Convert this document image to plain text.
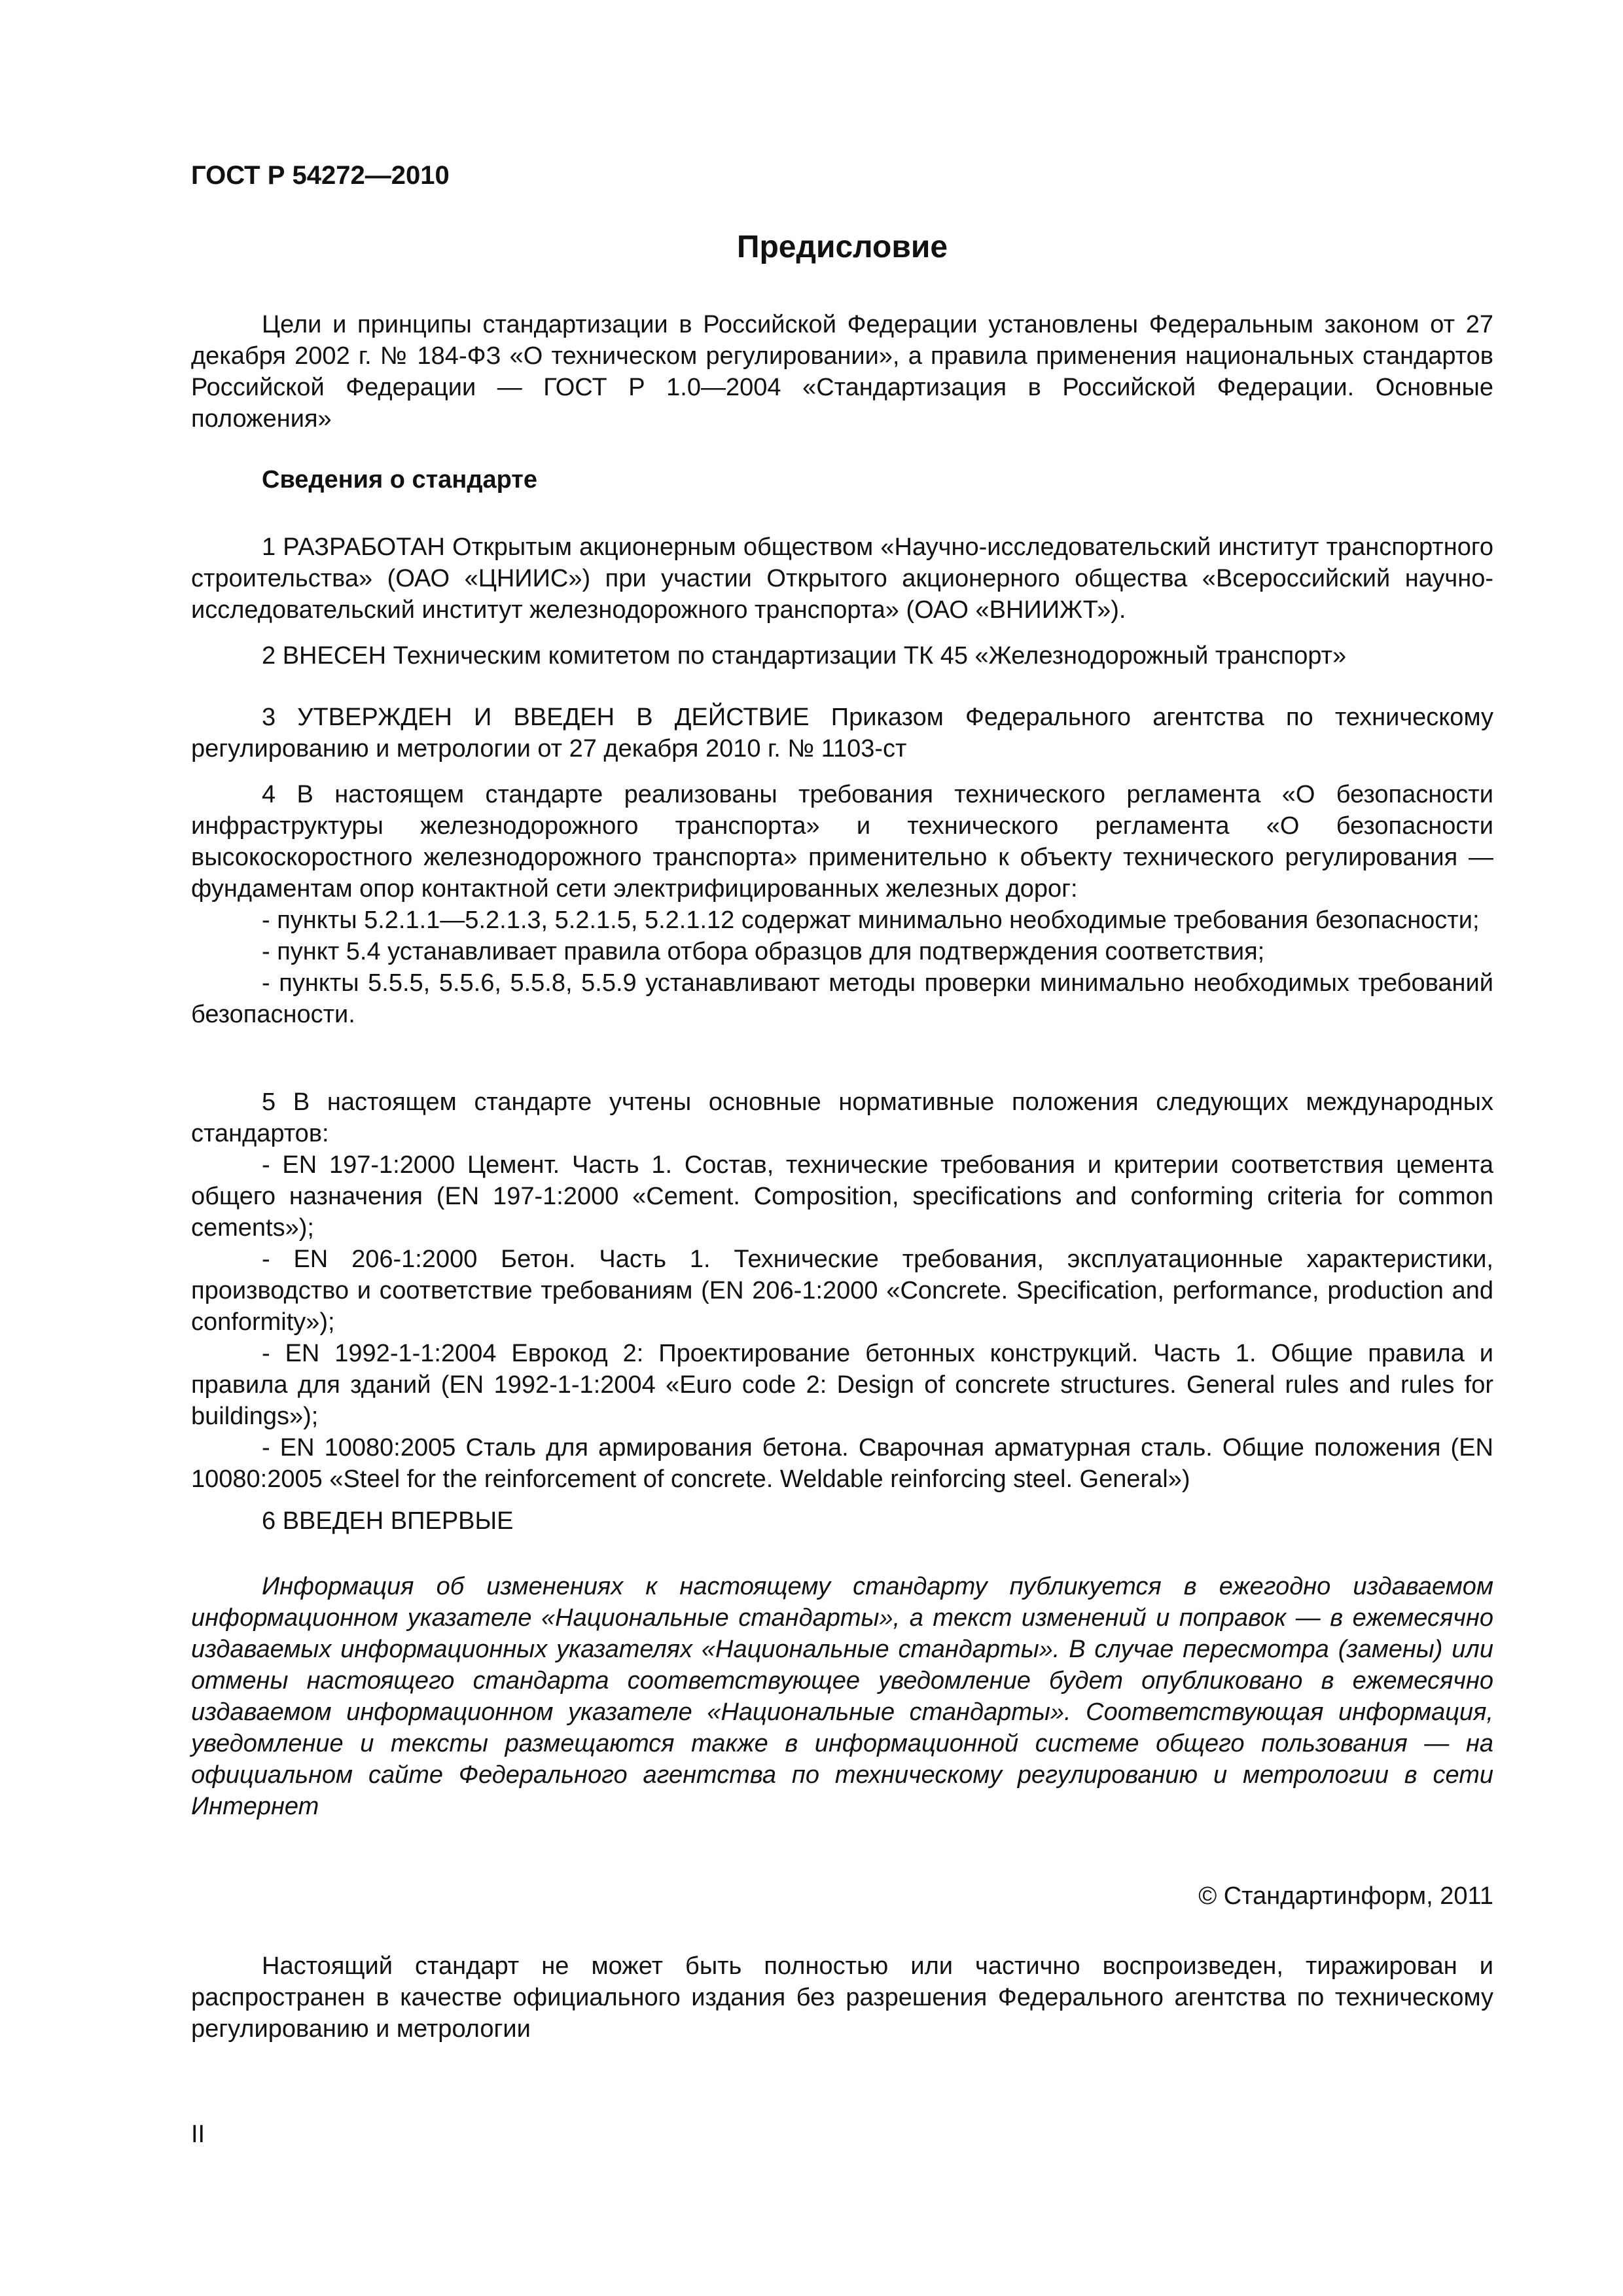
ГОСТ Р 54272—2010

Предисловие

Цели и принципы стандартизации в Российской Федерации установлены Федеральным законом от 27 декабря 2002 г. № 184-ФЗ «О техническом регулировании», а правила применения национальных стандартов Российской Федерации — ГОСТ Р 1.0—2004 «Стандартизация в Российской Федерации. Основные положения»

Сведения о стандарте

1 РАЗРАБОТАН Открытым акционерным обществом «Научно-исследовательский институт транспортного строительства» (ОАО «ЦНИИС») при участии Открытого акционерного общества «Всероссийский научно-исследовательский институт железнодорожного транспорта» (ОАО «ВНИИЖТ»).

2 ВНЕСЕН Техническим комитетом по стандартизации ТК 45 «Железнодорожный транспорт»

3 УТВЕРЖДЕН И ВВЕДЕН В ДЕЙСТВИЕ Приказом Федерального агентства по техническому регулированию и метрологии от 27 декабря 2010 г. № 1103-ст

4 В настоящем стандарте реализованы требования технического регламента «О безопасности инфраструктуры железнодорожного транспорта» и технического регламента «О безопасности высокоскоростного железнодорожного транспорта» применительно к объекту технического регулирования — фундаментам опор контактной сети электрифицированных железных дорог:

- пункты 5.2.1.1—5.2.1.3, 5.2.1.5, 5.2.1.12 содержат минимально необходимые требования безопасности;

- пункт 5.4 устанавливает правила отбора образцов для подтверждения соответствия;

- пункты 5.5.5, 5.5.6, 5.5.8, 5.5.9 устанавливают методы проверки минимально необходимых требований безопасности.

5 В настоящем стандарте учтены основные нормативные положения следующих международных стандартов:

- EN 197-1:2000 Цемент. Часть 1. Состав, технические требования и критерии соответствия цемента общего назначения (EN 197-1:2000 «Cement. Composition, specifications and conforming criteria for common cements»);

- EN 206-1:2000 Бетон. Часть 1. Технические требования, эксплуатационные характеристики, производство и соответствие требованиям (EN 206-1:2000 «Concrete. Specification, performance, production and conformity»);

- EN 1992-1-1:2004 Еврокод 2: Проектирование бетонных конструкций. Часть 1. Общие правила и правила для зданий (EN 1992-1-1:2004 «Euro code 2: Design of concrete structures. General rules and rules for buildings»);

- EN 10080:2005 Сталь для армирования бетона. Сварочная арматурная сталь. Общие положения (EN 10080:2005 «Steel for the reinforcement of concrete. Weldable reinforcing steel. General»)

6 ВВЕДЕН ВПЕРВЫЕ

Информация об изменениях к настоящему стандарту публикуется в ежегодно издаваемом информационном указателе «Национальные стандарты», а текст изменений и поправок — в ежемесячно издаваемых информационных указателях «Национальные стандарты». В случае пересмотра (замены) или отмены настоящего стандарта соответствующее уведомление будет опубликовано в ежемесячно издаваемом информационном указателе «Национальные стандарты». Соответствующая информация, уведомление и тексты размещаются также в информационной системе общего пользования — на официальном сайте Федерального агентства по техническому регулированию и метрологии в сети Интернет

© Стандартинформ, 2011

Настоящий стандарт не может быть полностью или частично воспроизведен, тиражирован и распространен в качестве официального издания без разрешения Федерального агентства по техническому регулированию и метрологии

II
